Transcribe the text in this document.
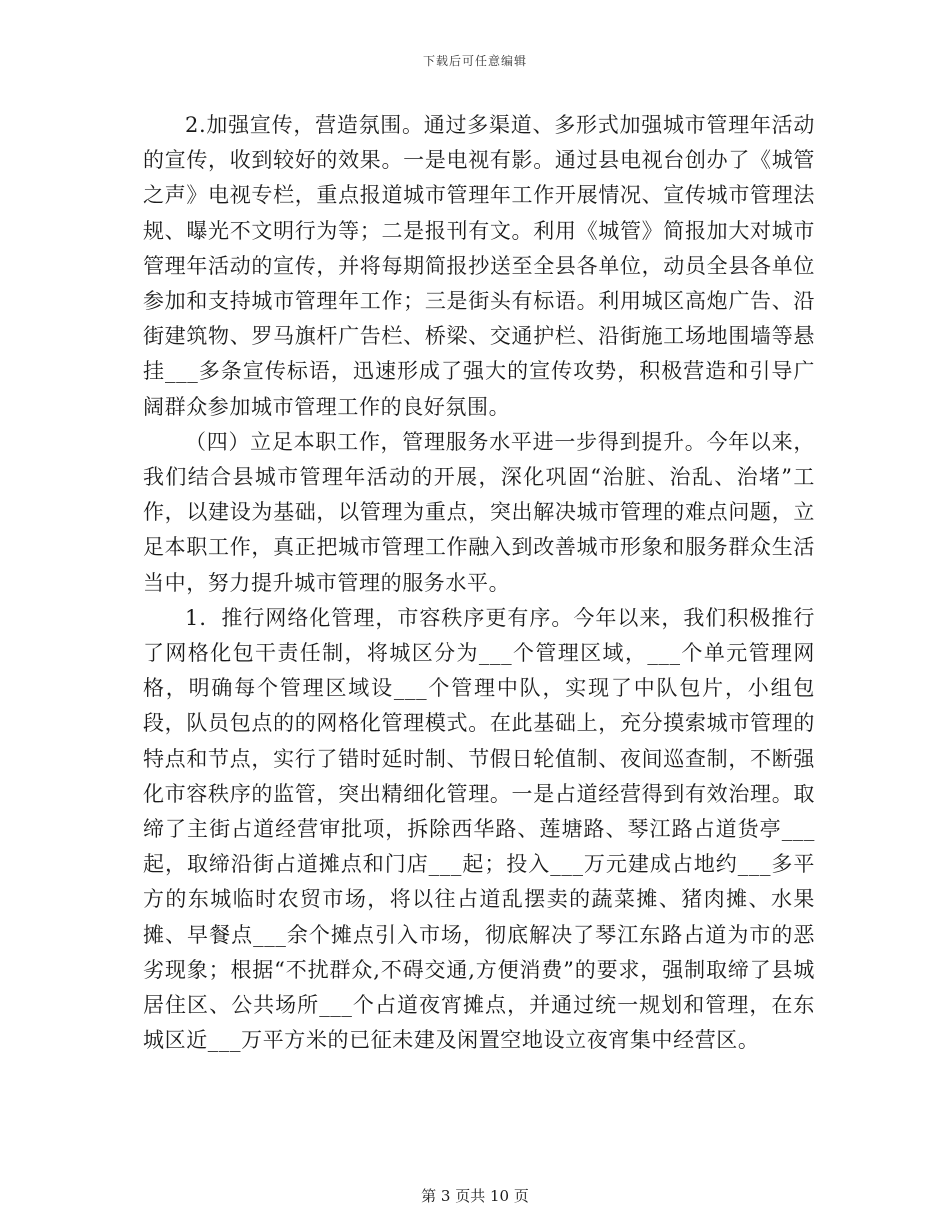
下载后可任意编辑

2.加强宣传，营造氛围。通过多渠道、多形式加强城市管理年活动的宣传，收到较好的效果。一是电视有影。通过县电视台创办了《城管之声》电视专栏，重点报道城市管理年工作开展情况、宣传城市管理法规、曝光不文明行为等；二是报刊有文。利用《城管》简报加大对城市管理年活动的宣传，并将每期简报抄送至全县各单位，动员全县各单位参加和支持城市管理年工作；三是街头有标语。利用城区高炮广告、沿街建筑物、罗马旗杆广告栏、桥梁、交通护栏、沿街施工场地围墙等悬挂___多条宣传标语，迅速形成了强大的宣传攻势，积极营造和引导广阔群众参加城市管理工作的良好氛围。

（四）立足本职工作，管理服务水平进一步得到提升。今年以来，我们结合县城市管理年活动的开展，深化巩固“治脏、治乱、治堵”工作，以建设为基础，以管理为重点，突出解决城市管理的难点问题，立足本职工作，真正把城市管理工作融入到改善城市形象和服务群众生活当中，努力提升城市管理的服务水平。

1．推行网络化管理，市容秩序更有序。今年以来，我们积极推行了网格化包干责任制，将城区分为___个管理区域，___个单元管理网格，明确每个管理区域设___个管理中队，实现了中队包片，小组包段，队员包点的的网格化管理模式。在此基础上，充分摸索城市管理的特点和节点，实行了错时延时制、节假日轮值制、夜间巡查制，不断强化市容秩序的监管，突出精细化管理。一是占道经营得到有效治理。取缔了主街占道经营审批项，拆除西华路、莲塘路、琴江路占道货亭___起，取缔沿街占道摊点和门店___起；投入___万元建成占地约___多平方的东城临时农贸市场，将以往占道乱摆卖的蔬菜摊、猪肉摊、水果摊、早餐点___余个摊点引入市场，彻底解决了琴江东路占道为市的恶劣现象；根据“不扰群众,不碍交通,方便消费”的要求，强制取缔了县城居住区、公共场所___个占道夜宵摊点，并通过统一规划和管理，在东城区近___万平方米的已征未建及闲置空地设立夜宵集中经营区。

第 3 页共 10 页
